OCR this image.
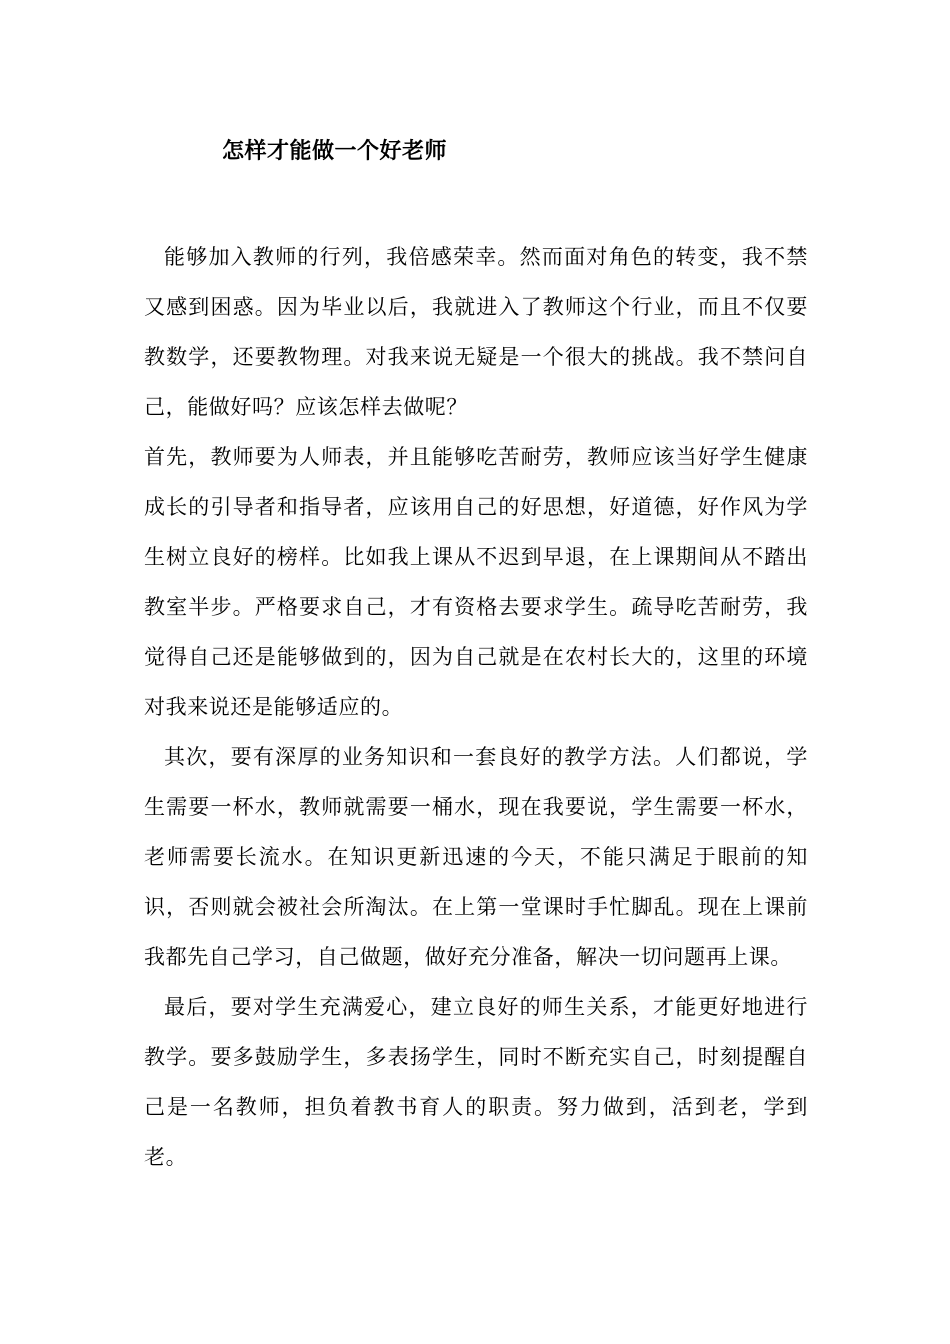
怎样才能做一个好老师

能够加入教师的行列，我倍感荣幸。然而面对角色的转变，我不禁又感到困惑。因为毕业以后，我就进入了教师这个行业，而且不仅要教数学，还要教物理。对我来说无疑是一个很大的挑战。我不禁问自己，能做好吗？应该怎样去做呢？

首先，教师要为人师表，并且能够吃苦耐劳，教师应该当好学生健康成长的引导者和指导者，应该用自己的好思想，好道德，好作风为学生树立良好的榜样。比如我上课从不迟到早退，在上课期间从不踏出教室半步。严格要求自己，才有资格去要求学生。疏导吃苦耐劳，我觉得自己还是能够做到的，因为自己就是在农村长大的，这里的环境对我来说还是能够适应的。

其次，要有深厚的业务知识和一套良好的教学方法。人们都说，学生需要一杯水，教师就需要一桶水，现在我要说，学生需要一杯水，老师需要长流水。在知识更新迅速的今天，不能只满足于眼前的知识，否则就会被社会所淘汰。在上第一堂课时手忙脚乱。现在上课前我都先自己学习，自己做题，做好充分准备，解决一切问题再上课。

最后，要对学生充满爱心，建立良好的师生关系，才能更好地进行教学。要多鼓励学生，多表扬学生，同时不断充实自己，时刻提醒自己是一名教师，担负着教书育人的职责。努力做到，活到老，学到老。
